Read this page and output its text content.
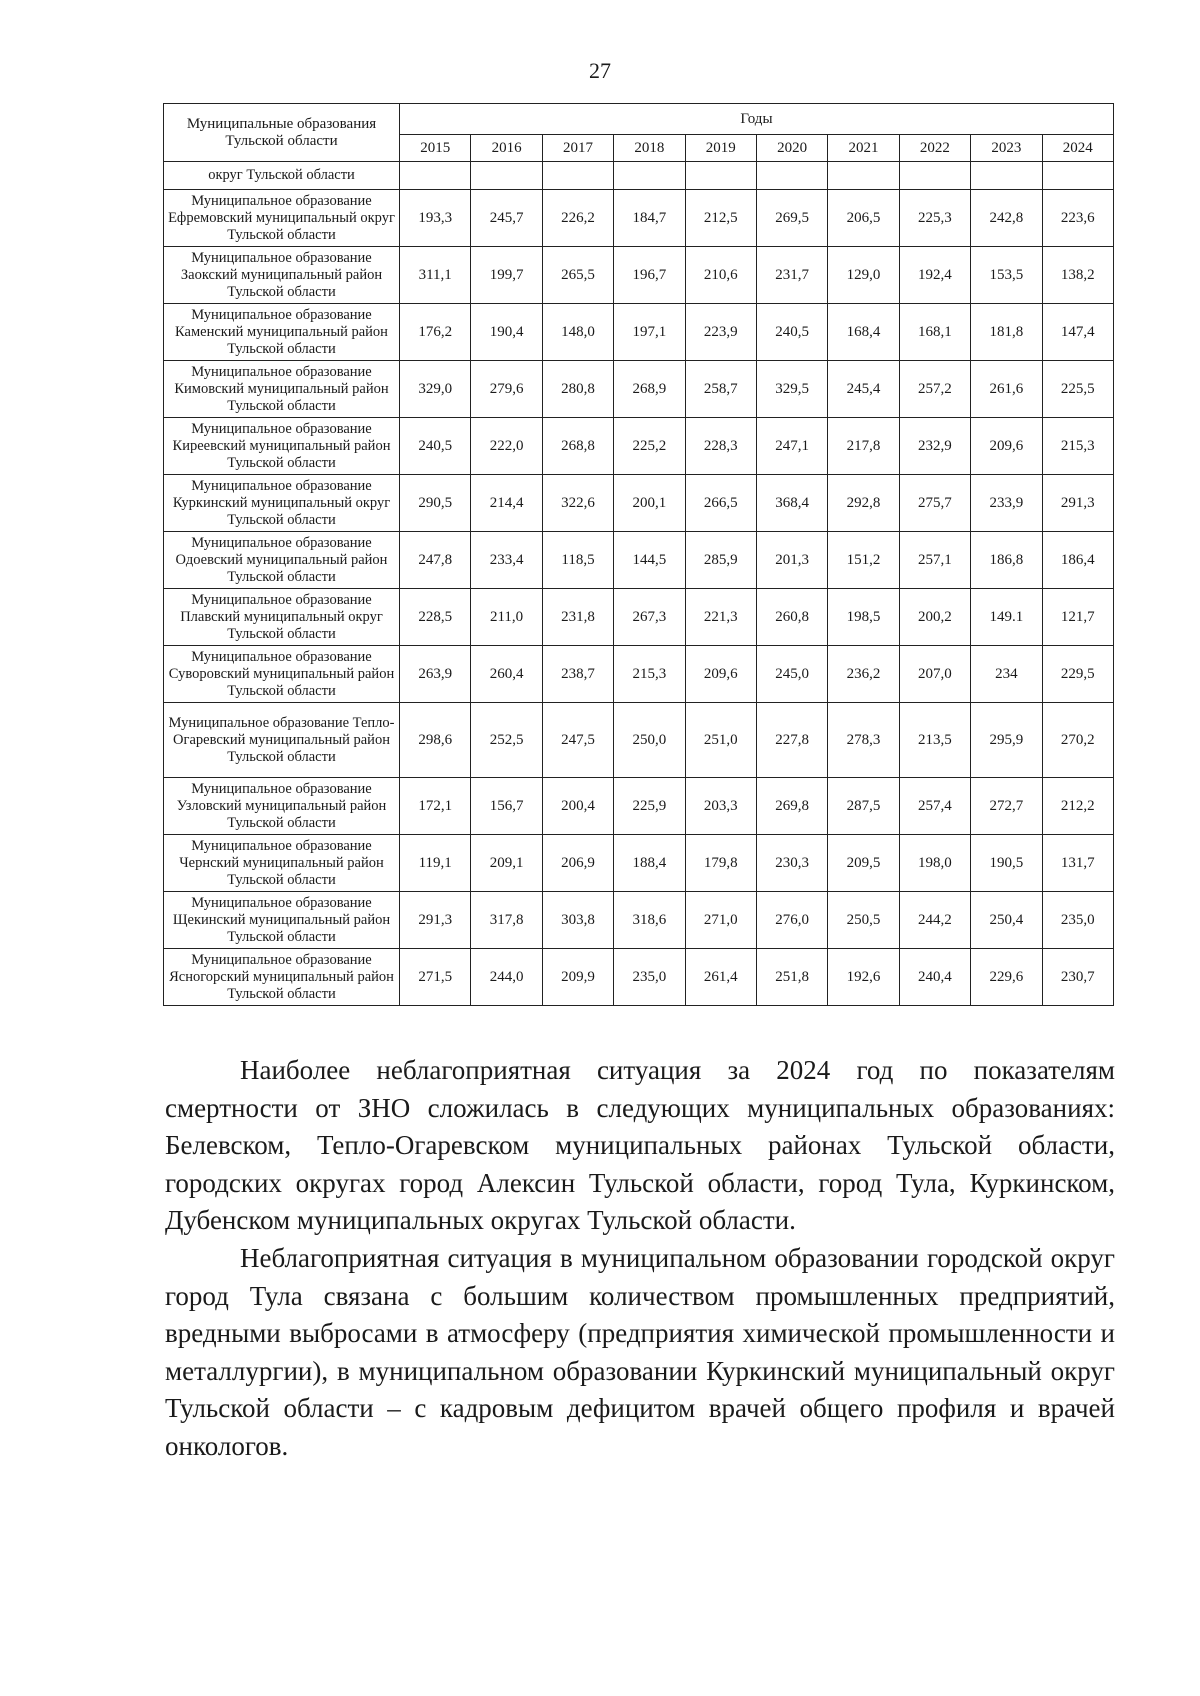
27
Муниципальные образования Тульской области	Годы									
	2015	2016	2017	2018	2019	2020	2021	2022	2023	2024
округ Тульской области										
Муниципальное образование Ефремовский муниципальный округ Тульской области	193,3	245,7	226,2	184,7	212,5	269,5	206,5	225,3	242,8	223,6
Муниципальное образование Заокский муниципальный район Тульской области	311,1	199,7	265,5	196,7	210,6	231,7	129,0	192,4	153,5	138,2
Муниципальное образование Каменский муниципальный район Тульской области	176,2	190,4	148,0	197,1	223,9	240,5	168,4	168,1	181,8	147,4
Муниципальное образование Кимовский муниципальный район Тульской области	329,0	279,6	280,8	268,9	258,7	329,5	245,4	257,2	261,6	225,5
Муниципальное образование Киреевский муниципальный район Тульской области	240,5	222,0	268,8	225,2	228,3	247,1	217,8	232,9	209,6	215,3
Муниципальное образование Куркинский муниципальный округ Тульской области	290,5	214,4	322,6	200,1	266,5	368,4	292,8	275,7	233,9	291,3
Муниципальное образование Одоевский муниципальный район Тульской области	247,8	233,4	118,5	144,5	285,9	201,3	151,2	257,1	186,8	186,4
Муниципальное образование Плавский муниципальный округ Тульской области	228,5	211,0	231,8	267,3	221,3	260,8	198,5	200,2	149.1	121,7
Муниципальное образование Суворовский муниципальный район Тульской области	263,9	260,4	238,7	215,3	209,6	245,0	236,2	207,0	234	229,5
Муниципальное образование Тепло-Огаревский муниципальный район Тульской области	298,6	252,5	247,5	250,0	251,0	227,8	278,3	213,5	295,9	270,2
Муниципальное образование Узловский муниципальный район Тульской области	172,1	156,7	200,4	225,9	203,3	269,8	287,5	257,4	272,7	212,2
Муниципальное образование Чернский муниципальный район Тульской области	119,1	209,1	206,9	188,4	179,8	230,3	209,5	198,0	190,5	131,7
Муниципальное образование Щекинский муниципальный район Тульской области	291,3	317,8	303,8	318,6	271,0	276,0	250,5	244,2	250,4	235,0
Муниципальное образование Ясногорский муниципальный район Тульской области	271,5	244,0	209,9	235,0	261,4	251,8	192,6	240,4	229,6	230,7
Наиболее неблагоприятная ситуация за 2024 год по показателям смертности от ЗНО сложилась в следующих муниципальных образованиях: Белевском, Тепло-Огаревском муниципальных районах Тульской области, городских округах город Алексин Тульской области, город Тула, Куркинском, Дубенском муниципальных округах Тульской области.
Неблагоприятная ситуация в муниципальном образовании городской округ город Тула связана с большим количеством промышленных предприятий, вредными выбросами в атмосферу (предприятия химической промышленности и металлургии), в муниципальном образовании Куркинский муниципальный округ Тульской области – с кадровым дефицитом врачей общего профиля и врачей онкологов.
